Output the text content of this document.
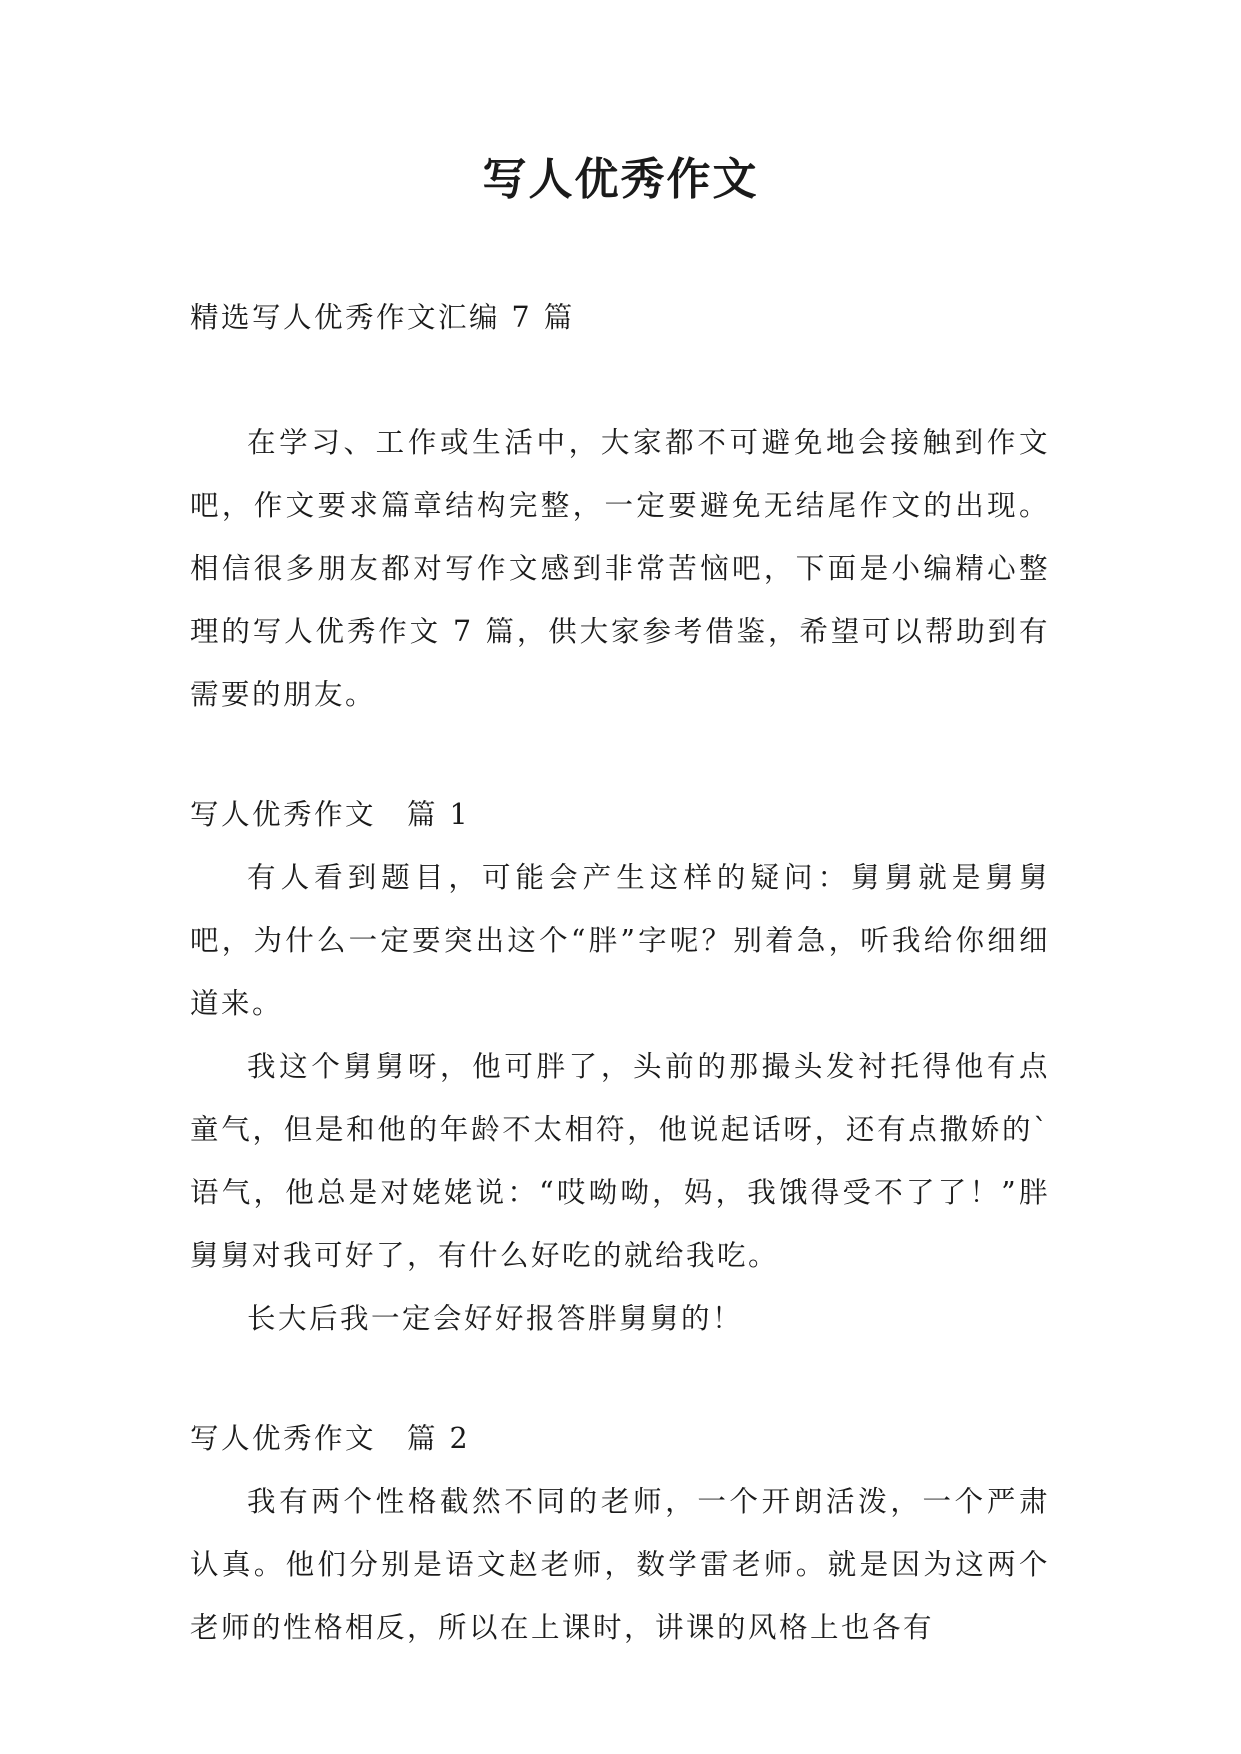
写人优秀作文

精选写人优秀作文汇编 7 篇

在学习、工作或生活中，大家都不可避免地会接触到作文吧，作文要求篇章结构完整，一定要避免无结尾作文的出现。相信很多朋友都对写作文感到非常苦恼吧，下面是小编精心整理的写人优秀作文 7 篇，供大家参考借鉴，希望可以帮助到有需要的朋友。

写人优秀作文　篇 1

有人看到题目，可能会产生这样的疑问：舅舅就是舅舅吧，为什么一定要突出这个“胖”字呢？别着急，听我给你细细道来。

我这个舅舅呀，他可胖了，头前的那撮头发衬托得他有点童气，但是和他的年龄不太相符，他说起话呀，还有点撒娇的`语气，他总是对姥姥说：“哎呦呦，妈，我饿得受不了了！”胖舅舅对我可好了，有什么好吃的就给我吃。

长大后我一定会好好报答胖舅舅的！

写人优秀作文　篇 2

我有两个性格截然不同的老师，一个开朗活泼，一个严肃认真。他们分别是语文赵老师，数学雷老师。就是因为这两个老师的性格相反，所以在上课时，讲课的风格上也各有
